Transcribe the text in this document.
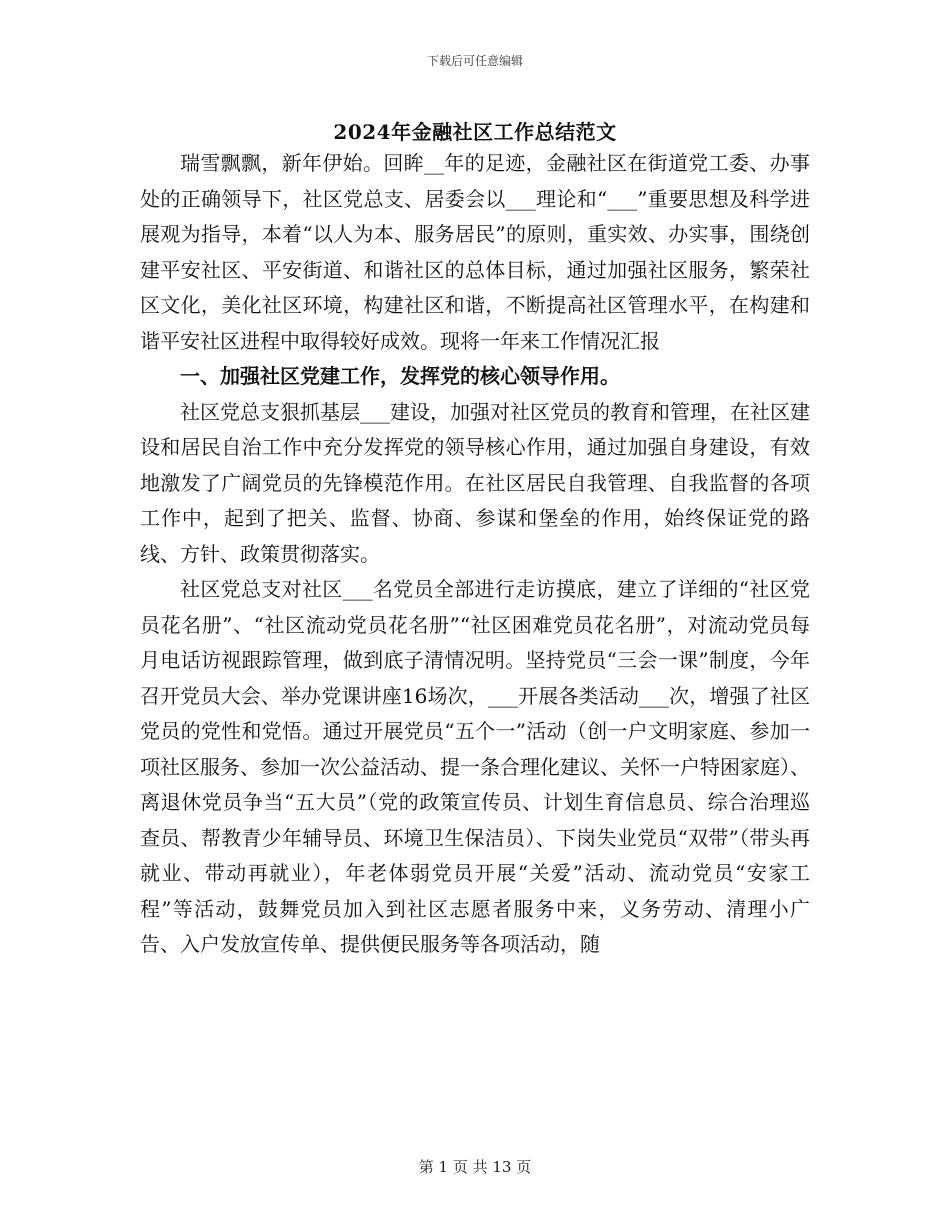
下载后可任意编辑
2024年金融社区工作总结范文

瑞雪飘飘，新年伊始。回眸__年的足迹，金融社区在街道党工委、办事处的正确领导下，社区党总支、居委会以___理论和“___”重要思想及科学进展观为指导，本着“以人为本、服务居民”的原则，重实效、办实事，围绕创建平安社区、平安街道、和谐社区的总体目标，通过加强社区服务，繁荣社区文化，美化社区环境，构建社区和谐，不断提高社区管理水平，在构建和谐平安社区进程中取得较好成效。现将一年来工作情况汇报

一、加强社区党建工作，发挥党的核心领导作用。

社区党总支狠抓基层___建设，加强对社区党员的教育和管理，在社区建设和居民自治工作中充分发挥党的领导核心作用，通过加强自身建设，有效地激发了广阔党员的先锋模范作用。在社区居民自我管理、自我监督的各项工作中，起到了把关、监督、协商、参谋和堡垒的作用，始终保证党的路线、方针、政策贯彻落实。

社区党总支对社区___名党员全部进行走访摸底，建立了详细的“社区党员花名册”、“社区流动党员花名册”“社区困难党员花名册”，对流动党员每月电话访视跟踪管理，做到底子清情况明。坚持党员“三会一课”制度，今年召开党员大会、举办党课讲座16场次，___开展各类活动___次，增强了社区党员的党性和党悟。通过开展党员“五个一”活动（创一户文明家庭、参加一项社区服务、参加一次公益活动、提一条合理化建议、关怀一户特困家庭）、离退休党员争当“五大员”（党的政策宣传员、计划生育信息员、综合治理巡查员、帮教青少年辅导员、环境卫生保洁员）、下岗失业党员“双带”（带头再就业、带动再就业），年老体弱党员开展“关爱”活动、流动党员“安家工程”等活动，鼓舞党员加入到社区志愿者服务中来，义务劳动、清理小广告、入户发放宣传单、提供便民服务等各项活动，随

第 1 页 共 13 页
